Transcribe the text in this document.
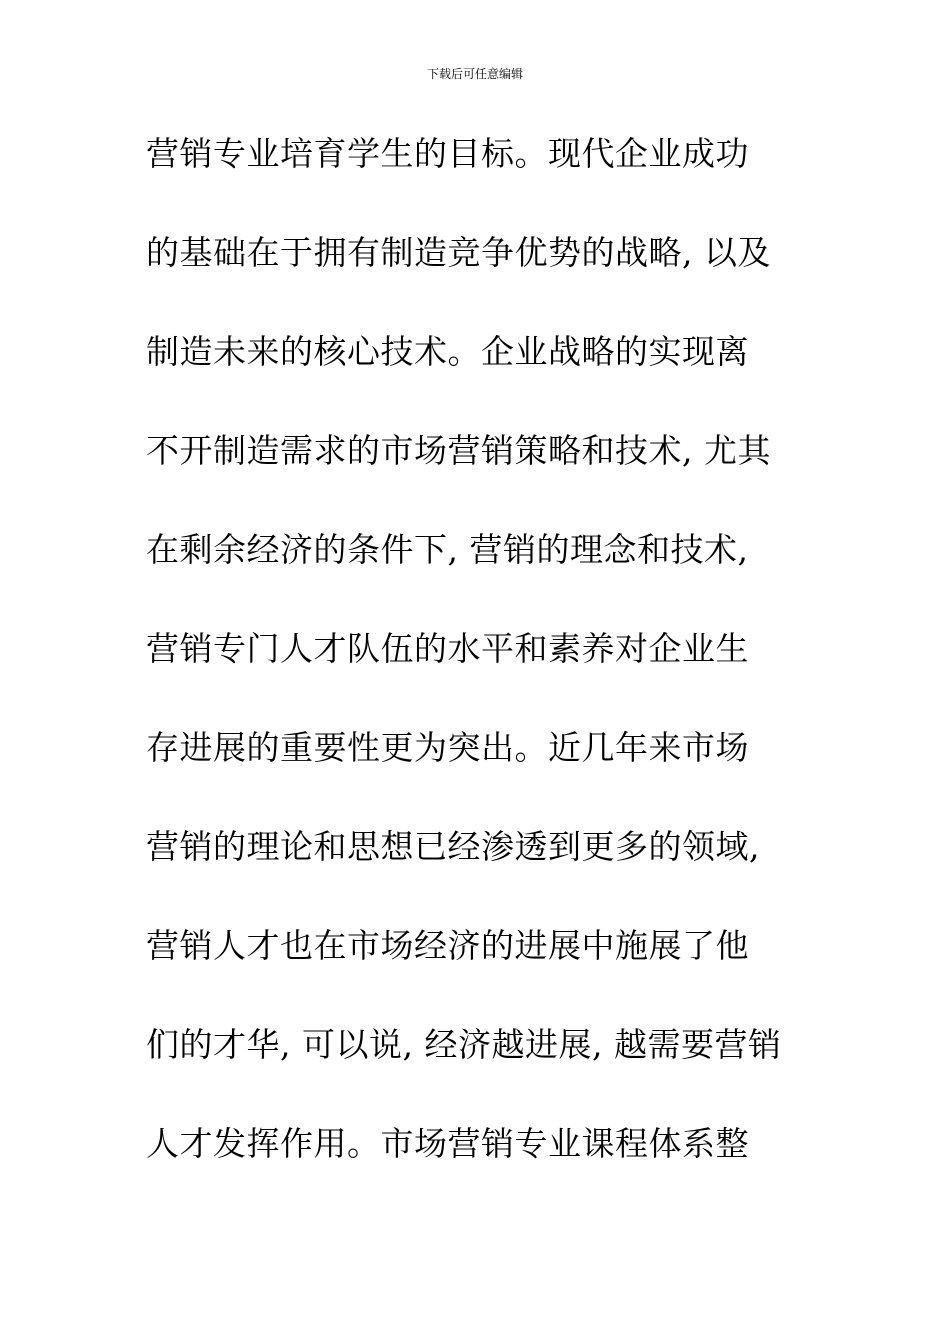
下载后可任意编辑
营销专业培育学生的目标。现代企业成功
的基础在于拥有制造竞争优势的战略, 以及
制造未来的核心技术。企业战略的实现离
不开制造需求的市场营销策略和技术, 尤其
在剩余经济的条件下, 营销的理念和技术,
营销专门人才队伍的水平和素养对企业生
存进展的重要性更为突出。近几年来市场
营销的理论和思想已经渗透到更多的领域,
营销人才也在市场经济的进展中施展了他
们的才华, 可以说, 经济越进展, 越需要营销
人才发挥作用。市场营销专业课程体系整
